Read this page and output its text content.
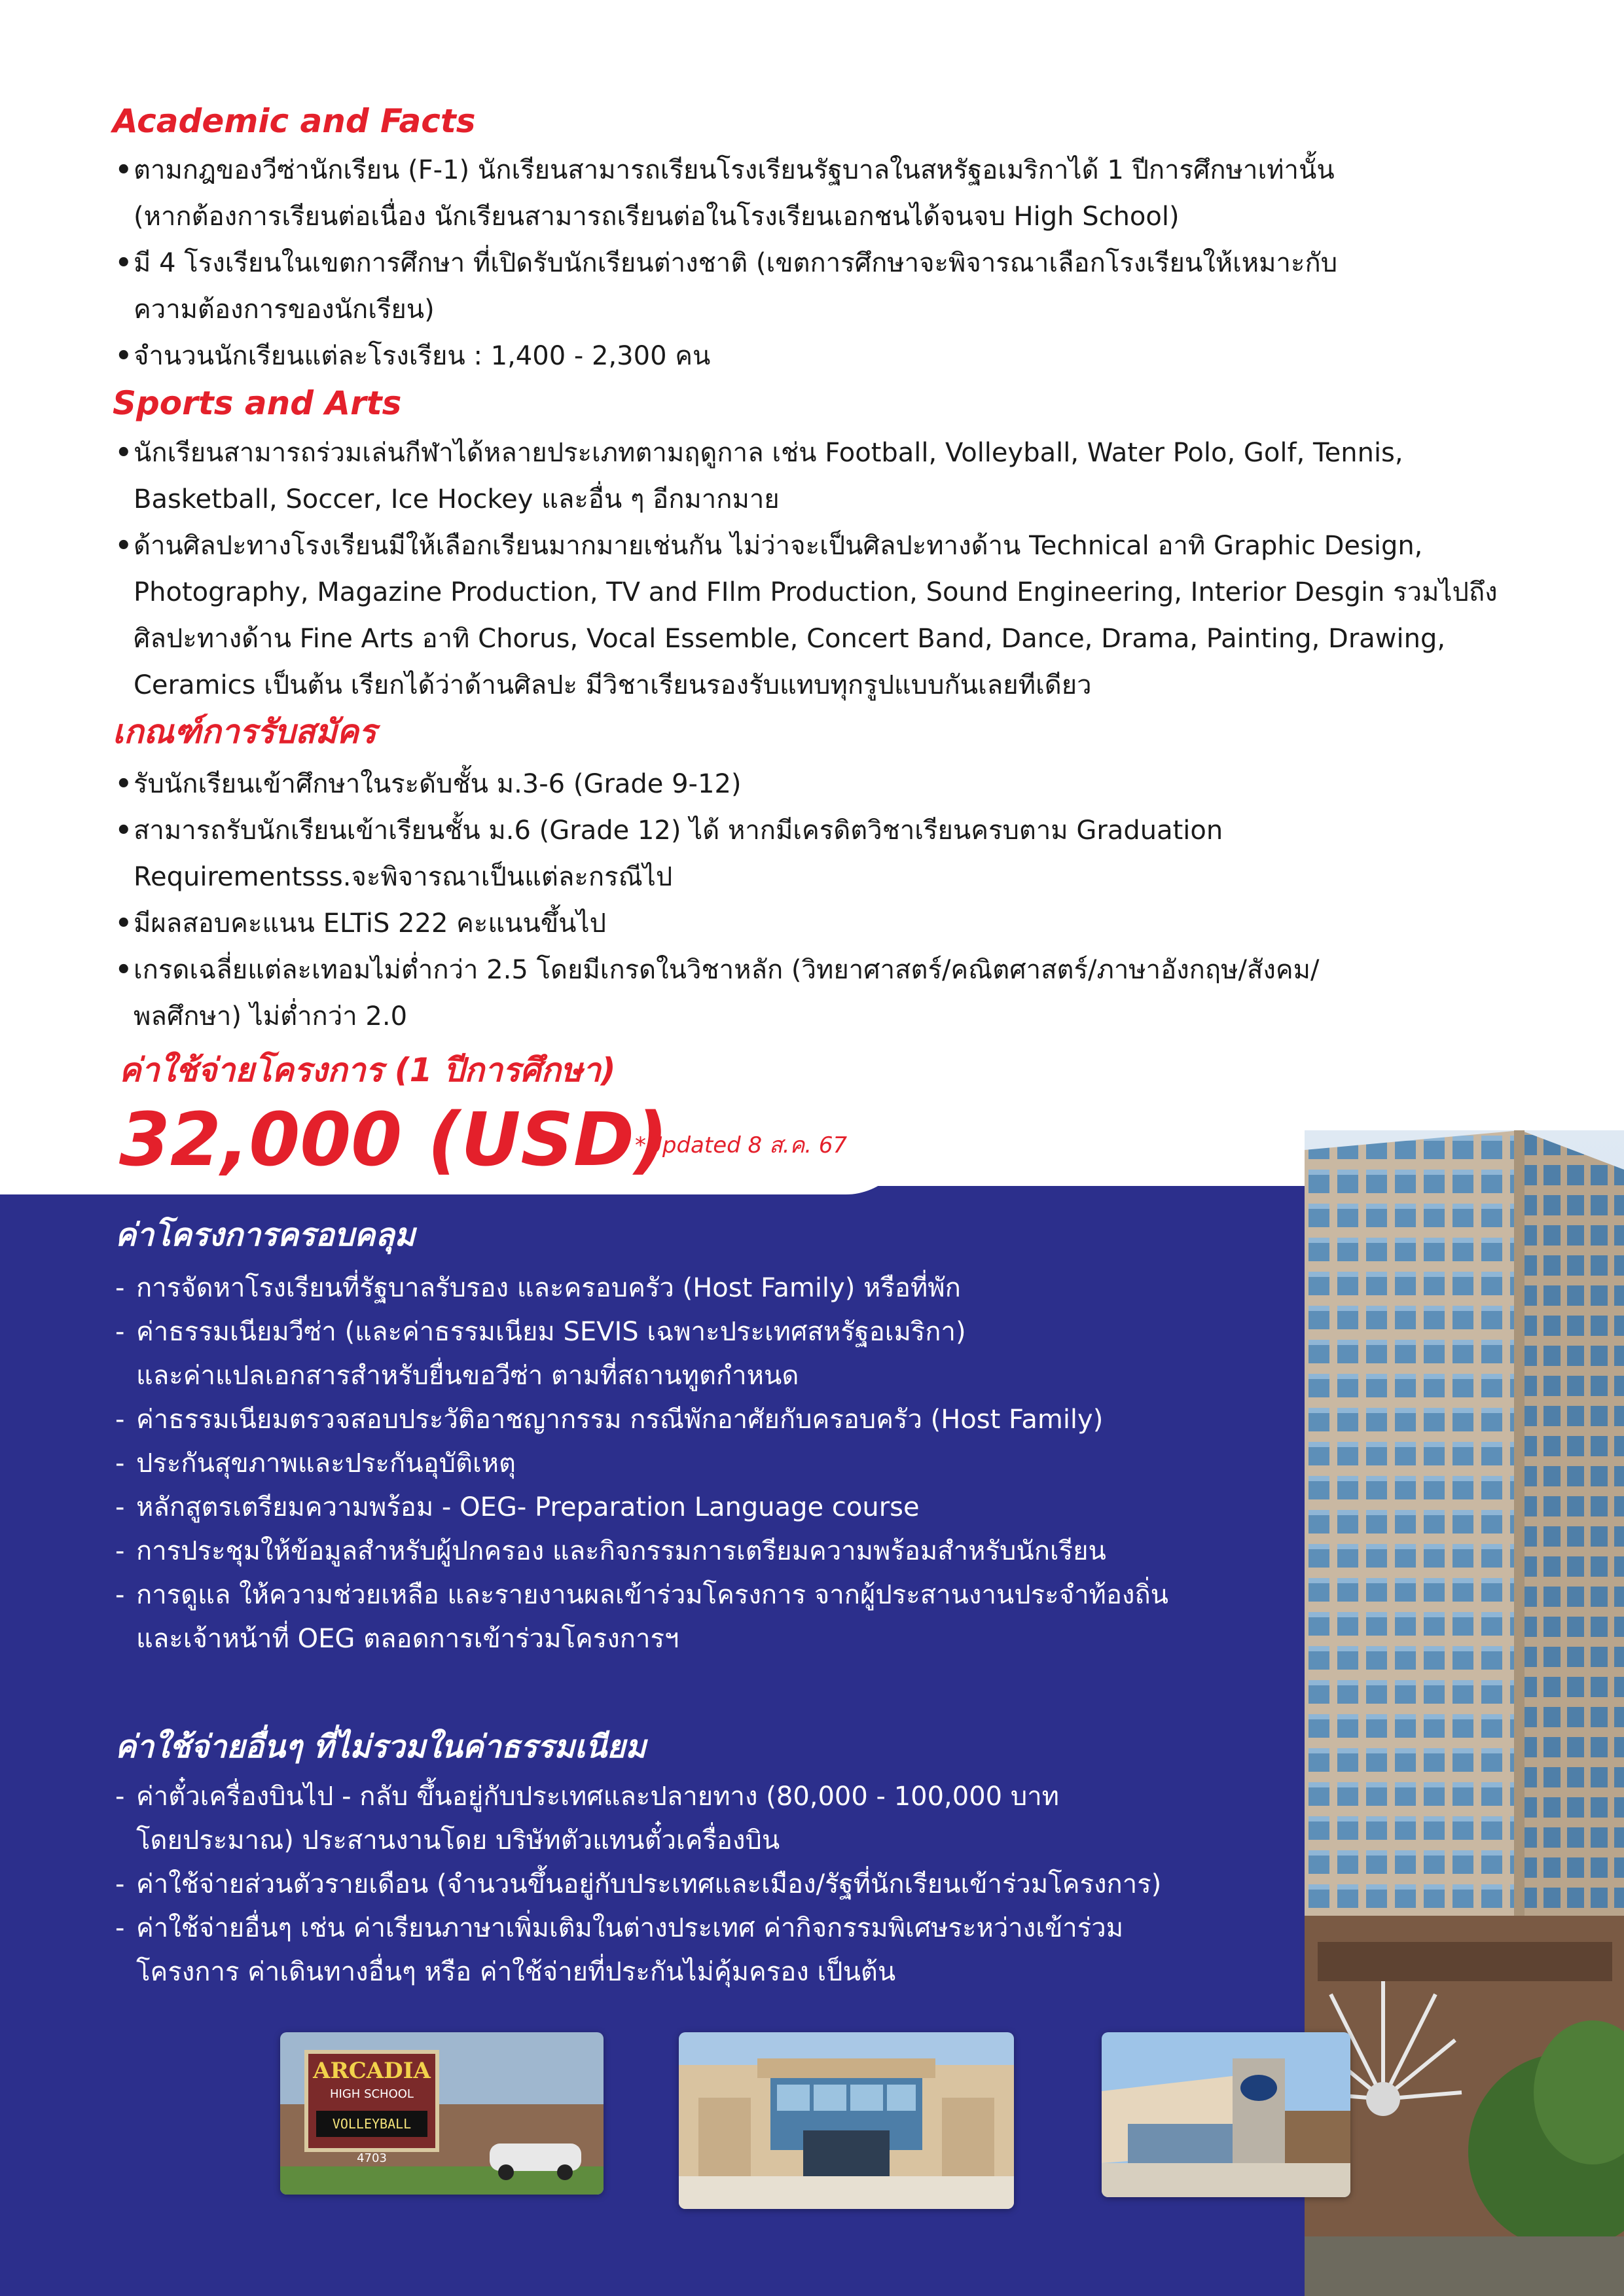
Academic and Facts
• ตามกฎของวีซ่านักเรียน (F-1) นักเรียนสามารถเรียนโรงเรียนรัฐบาลในสหรัฐอเมริกาได้ 1 ปีการศึกษาเท่านั้น
(หากต้องการเรียนต่อเนื่อง นักเรียนสามารถเรียนต่อในโรงเรียนเอกชนได้จนจบ High School)
• มี 4 โรงเรียนในเขตการศึกษา ที่เปิดรับนักเรียนต่างชาติ (เขตการศึกษาจะพิจารณาเลือกโรงเรียนให้เหมาะกับ
ความต้องการของนักเรียน)
• จำนวนนักเรียนแต่ละโรงเรียน : 1,400 - 2,300 คน
Sports and Arts
• นักเรียนสามารถร่วมเล่นกีฬาได้หลายประเภทตามฤดูกาล เช่น Football, Volleyball, Water Polo, Golf, Tennis,
Basketball, Soccer, Ice Hockey และอื่น ๆ อีกมากมาย
• ด้านศิลปะทางโรงเรียนมีให้เลือกเรียนมากมายเช่นกัน ไม่ว่าจะเป็นศิลปะทางด้าน Technical อาทิ Graphic Design,
Photography, Magazine Production, TV and FIlm Production, Sound Engineering, Interior Desgin รวมไปถึง
ศิลปะทางด้าน Fine Arts อาทิ Chorus, Vocal Essemble, Concert Band, Dance, Drama, Painting, Drawing,
Ceramics เป็นต้น เรียกได้ว่าด้านศิลปะ มีวิชาเรียนรองรับแทบทุกรูปแบบกันเลยทีเดียว
เกณฑ์การรับสมัคร
• รับนักเรียนเข้าศึกษาในระดับชั้น ม.3-6 (Grade 9-12)
• สามารถรับนักเรียนเข้าเรียนชั้น ม.6 (Grade 12) ได้ หากมีเครดิตวิชาเรียนครบตาม Graduation
Requirementsss.จะพิจารณาเป็นแต่ละกรณีไป
• มีผลสอบคะแนน ELTiS 222 คะแนนขึ้นไป
• เกรดเฉลี่ยแต่ละเทอมไม่ต่ำกว่า 2.5 โดยมีเกรดในวิชาหลัก (วิทยาศาสตร์/คณิตศาสตร์/ภาษาอังกฤษ/สังคม/
พลศึกษา) ไม่ต่ำกว่า 2.0
ค่าใช้จ่ายโครงการ (1 ปีการศึกษา)
32,000 (USD)
*Updated 8 ส.ค. 67
ค่าโครงการครอบคลุม
- การจัดหาโรงเรียนที่รัฐบาลรับรอง และครอบครัว (Host Family) หรือที่พัก
- ค่าธรรมเนียมวีซ่า (และค่าธรรมเนียม SEVIS เฉพาะประเทศสหรัฐอเมริกา)
และค่าแปลเอกสารสำหรับยื่นขอวีซ่า ตามที่สถานทูตกำหนด
- ค่าธรรมเนียมตรวจสอบประวัติอาชญากรรม กรณีพักอาศัยกับครอบครัว (Host Family)
- ประกันสุขภาพและประกันอุบัติเหตุ
- หลักสูตรเตรียมความพร้อม - OEG- Preparation Language course
- การประชุมให้ข้อมูลสำหรับผู้ปกครอง และกิจกรรมการเตรียมความพร้อมสำหรับนักเรียน
- การดูแล ให้ความช่วยเหลือ และรายงานผลเข้าร่วมโครงการ จากผู้ประสานงานประจำท้องถิ่น
และเจ้าหน้าที่ OEG ตลอดการเข้าร่วมโครงการฯ
ค่าใช้จ่ายอื่นๆ ที่ไม่รวมในค่าธรรมเนียม
- ค่าตั๋วเครื่องบินไป - กลับ ขึ้นอยู่กับประเทศและปลายทาง (80,000 - 100,000 บาท
โดยประมาณ) ประสานงานโดย บริษัทตัวแทนตั๋วเครื่องบิน
- ค่าใช้จ่ายส่วนตัวรายเดือน (จำนวนขึ้นอยู่กับประเทศและเมือง/รัฐที่นักเรียนเข้าร่วมโครงการ)
- ค่าใช้จ่ายอื่นๆ เช่น ค่าเรียนภาษาเพิ่มเติมในต่างประเทศ ค่ากิจกรรมพิเศษระหว่างเข้าร่วม
โครงการ ค่าเดินทางอื่นๆ หรือ ค่าใช้จ่ายที่ประกันไม่คุ้มครอง เป็นต้น
ARCADIA
HIGH SCHOOL
VOLLEYBALL
4703
